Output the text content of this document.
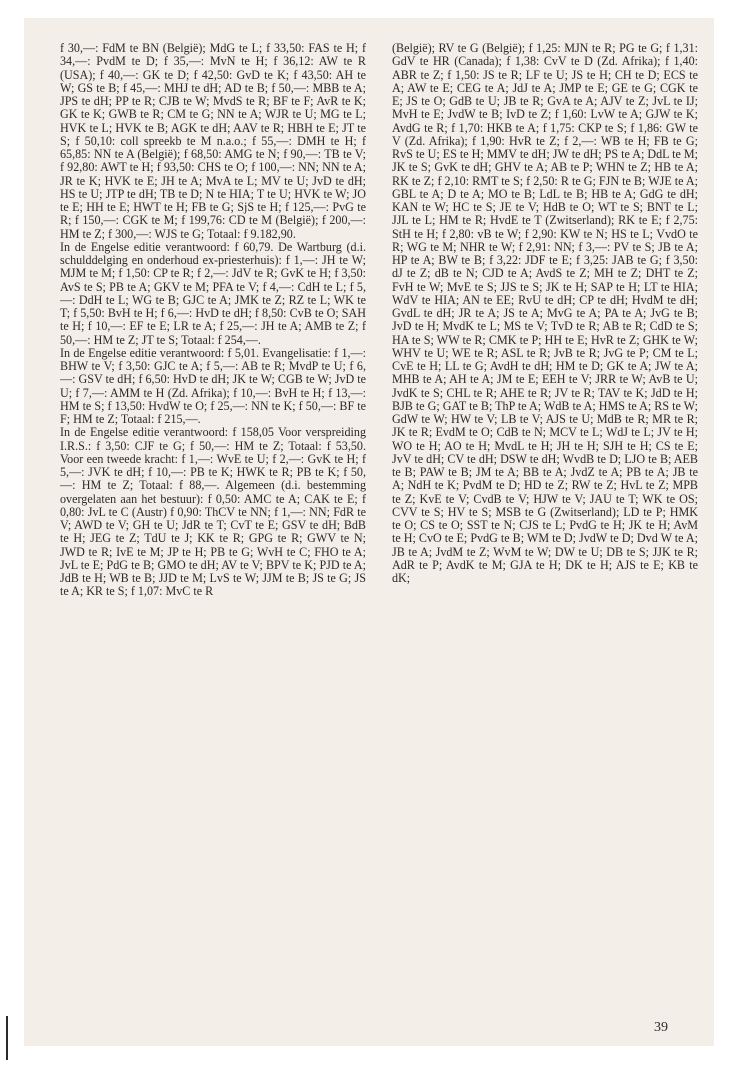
f 30,—: FdM te BN (België); MdG te L; f 33,50: FAS te H; f 34,—: PvdM te D; f 35,—: MvN te H; f 36,12: AW te R (USA); f 40,—: GK te D; f 42,50: GvD te K; f 43,50: AH te W; GS te B; f 45,—: MHJ te dH; AD te B; f 50,—: MBB te A; JPS te dH; PP te R; CJB te W; MvdS te R; BF te F; AvR te K; GK te K; GWB te R; CM te G; NN te A; WJR te U; MG te L; HVK te L; HVK te B; AGK te dH; AAV te R; HBH te E; JT te S; f 50,10: coll spreekb te M n.a.o.; f 55,—: DMH te H; f 65,85: NN te A (België); f 68,50: AMG te N; f 90,—: TB te V; f 92,80: AWT te H; f 93,50: CHS te O; f 100,—: NN; NN te A; JR te K; HVK te E; JH te A; MvA te L; MV te U; JvD te dH; HS te U; JTP te dH; TB te D; N te HIA; T te U; HVK te W; JO te E; HH te E; HWT te H; FB te G; SjS te H; f 125,—: PvG te R; f 150,—: CGK te M; f 199,76: CD te M (België); f 200,—: HM te Z; f 300,—: WJS te G; Totaal: f 9.182,90.

In de Engelse editie verantwoord: f 60,79. De Wartburg (d.i. schulddelging en onderhoud ex-priesterhuis): f 1,—: JH te W; MJM te M; f 1,50: CP te R; f 2,—: JdV te R; GvK te H; f 3,50: AvS te S; PB te A; GKV te M; PFA te V; f 4,—: CdH te L; f 5,—: DdH te L; WG te B; GJC te A; JMK te Z; RZ te L; WK te T; f 5,50: BvH te H; f 6,—: HvD te dH; f 8,50: CvB te O; SAH te H; f 10,—: EF te E; LR te A; f 25,—: JH te A; AMB te Z; f 50,—: HM te Z; JT te S; Totaal: f 254,—.

In de Engelse editie verantwoord: f 5,01. Evangelisatie: f 1,—: BHW te V; f 3,50: GJC te A; f 5,—: AB te R; MvdP te U; f 6,—: GSV te dH; f 6,50: HvD te dH; JK te W; CGB te W; JvD te U; f 7,—: AMM te H (Zd. Afrika); f 10,—: BvH te H; f 13,—: HM te S; f 13,50: HvdW te O; f 25,—: NN te K; f 50,—: BF te F; HM te Z; Totaal: f 215,—.

In de Engelse editie verantwoord: f 158,05 Voor verspreiding I.R.S.: f 3,50: CJF te G; f 50,—: HM te Z; Totaal: f 53,50. Voor een tweede kracht: f 1,—: WvE te U; f 2,—: GvK te H; f 5,—: JVK te dH; f 10,—: PB te K; HWK te R; PB te K; f 50,—: HM te Z; Totaal: f 88,—. Algemeen (d.i. bestemming overgelaten aan het bestuur): f 0,50: AMC te A; CAK te E; f 0,80: JvL te C (Austr) f 0,90: ThCV te NN; f 1,—: NN; FdR te V; AWD te V; GH te U; JdR te T; CvT te E; GSV te dH; BdB te H; JEG te Z; TdU te J; KK te R; GPG te R; GWV te N; JWD te R; IvE te M; JP te H; PB te G; WvH te C; FHO te A; JvL te E; PdG te B; GMO te dH; AV te V; BPV te K; PJD te A; JdB te H; WB te B; JJD te M; LvS te W; JJM te B; JS te G; JS te A; KR te S; f 1,07: MvC te R

(België); RV te G (België); f 1,25: MJN te R; PG te G; f 1,31: GdV te HR (Canada); f 1,38: CvV te D (Zd. Afrika); f 1,40: ABR te Z; f 1,50: JS te R; LF te U; JS te H; CH te D; ECS te A; AW te E; CEG te A; JdJ te A; JMP te E; GE te G; CGK te E; JS te O; GdB te U; JB te R; GvA te A; AJV te Z; JvL te IJ; MvH te E; JvdW te B; IvD te Z; f 1,60: LvW te A; GJW te K; AvdG te R; f 1,70: HKB te A; f 1,75: CKP te S; f 1,86: GW te V (Zd. Afrika); f 1,90: HvR te Z; f 2,—: WB te H; FB te G; RvS te U; ES te H; MMV te dH; JW te dH; PS te A; DdL te M; JK te S; GvK te dH; GHV te A; AB te P; WHN te Z; HB te A; RK te Z; f 2,10: RMT te S; f 2,50: R te G; FJN te B; WJE te A; GBL te A; D te A; MO te B; LdL te B; HB te A; GdG te dH; KAN te W; HC te S; JE te V; HdB te O; WT te S; BNT te L; JJL te L; HM te R; HvdE te T (Zwitserland); RK te E; f 2,75: StH te H; f 2,80: vB te W; f 2,90: KW te N; HS te L; VvdO te R; WG te M; NHR te W; f 2,91: NN; f 3,—: PV te S; JB te A; HP te A; BW te B; f 3,22: JDF te E; f 3,25: JAB te G; f 3,50: dJ te Z; dB te N; CJD te A; AvdS te Z; MH te Z; DHT te Z; FvH te W; MvE te S; JJS te S; JK te H; SAP te H; LT te HIA; WdV te HIA; AN te EE; RvU te dH; CP te dH; HvdM te dH; GvdL te dH; JR te A; JS te A; MvG te A; PA te A; JvG te B; JvD te H; MvdK te L; MS te V; TvD te R; AB te R; CdD te S; HA te S; WW te R; CMK te P; HH te E; HvR te Z; GHK te W; WHV te U; WE te R; ASL te R; JvB te R; JvG te P; CM te L; CvE te H; LL te G; AvdH te dH; HM te D; GK te A; JW te A; MHB te A; AH te A; JM te E; EEH te V; JRR te W; AvB te U; JvdK te S; CHL te R; AHE te R; JV te R; TAV te K; JdD te H; BJB te G; GAT te B; ThP te A; WdB te A; HMS te A; RS te W; GdW te W; HW te V; LB te V; AJS te U; MdB te R; MR te R; JK te R; EvdM te O; CdB te N; MCV te L; WdJ te L; JV te H; WO te H; AO te H; MvdL te H; JH te H; SJH te H; CS te E; JvV te dH; CV te dH; DSW te dH; WvdB te D; LJO te B; AEB te B; PAW te B; JM te A; BB te A; JvdZ te A; PB te A; JB te A; NdH te K; PvdM te D; HD te Z; RW te Z; HvL te Z; MPB te Z; KvE te V; CvdB te V; HJW te V; JAU te T; WK te OS; CVV te S; HV te S; MSB te G (Zwitserland); LD te P; HMK te O; CS te O; SST te N; CJS te L; PvdG te H; JK te H; AvM te H; CvO te E; PvdG te B; WM te D; JvdW te D; Dvd W te A; JB te A; JvdM te Z; WvM te W; DW te U; DB te S; JJK te R; AdR te P; AvdK te M; GJA te H; DK te H; AJS te E; KB te dK;

39
